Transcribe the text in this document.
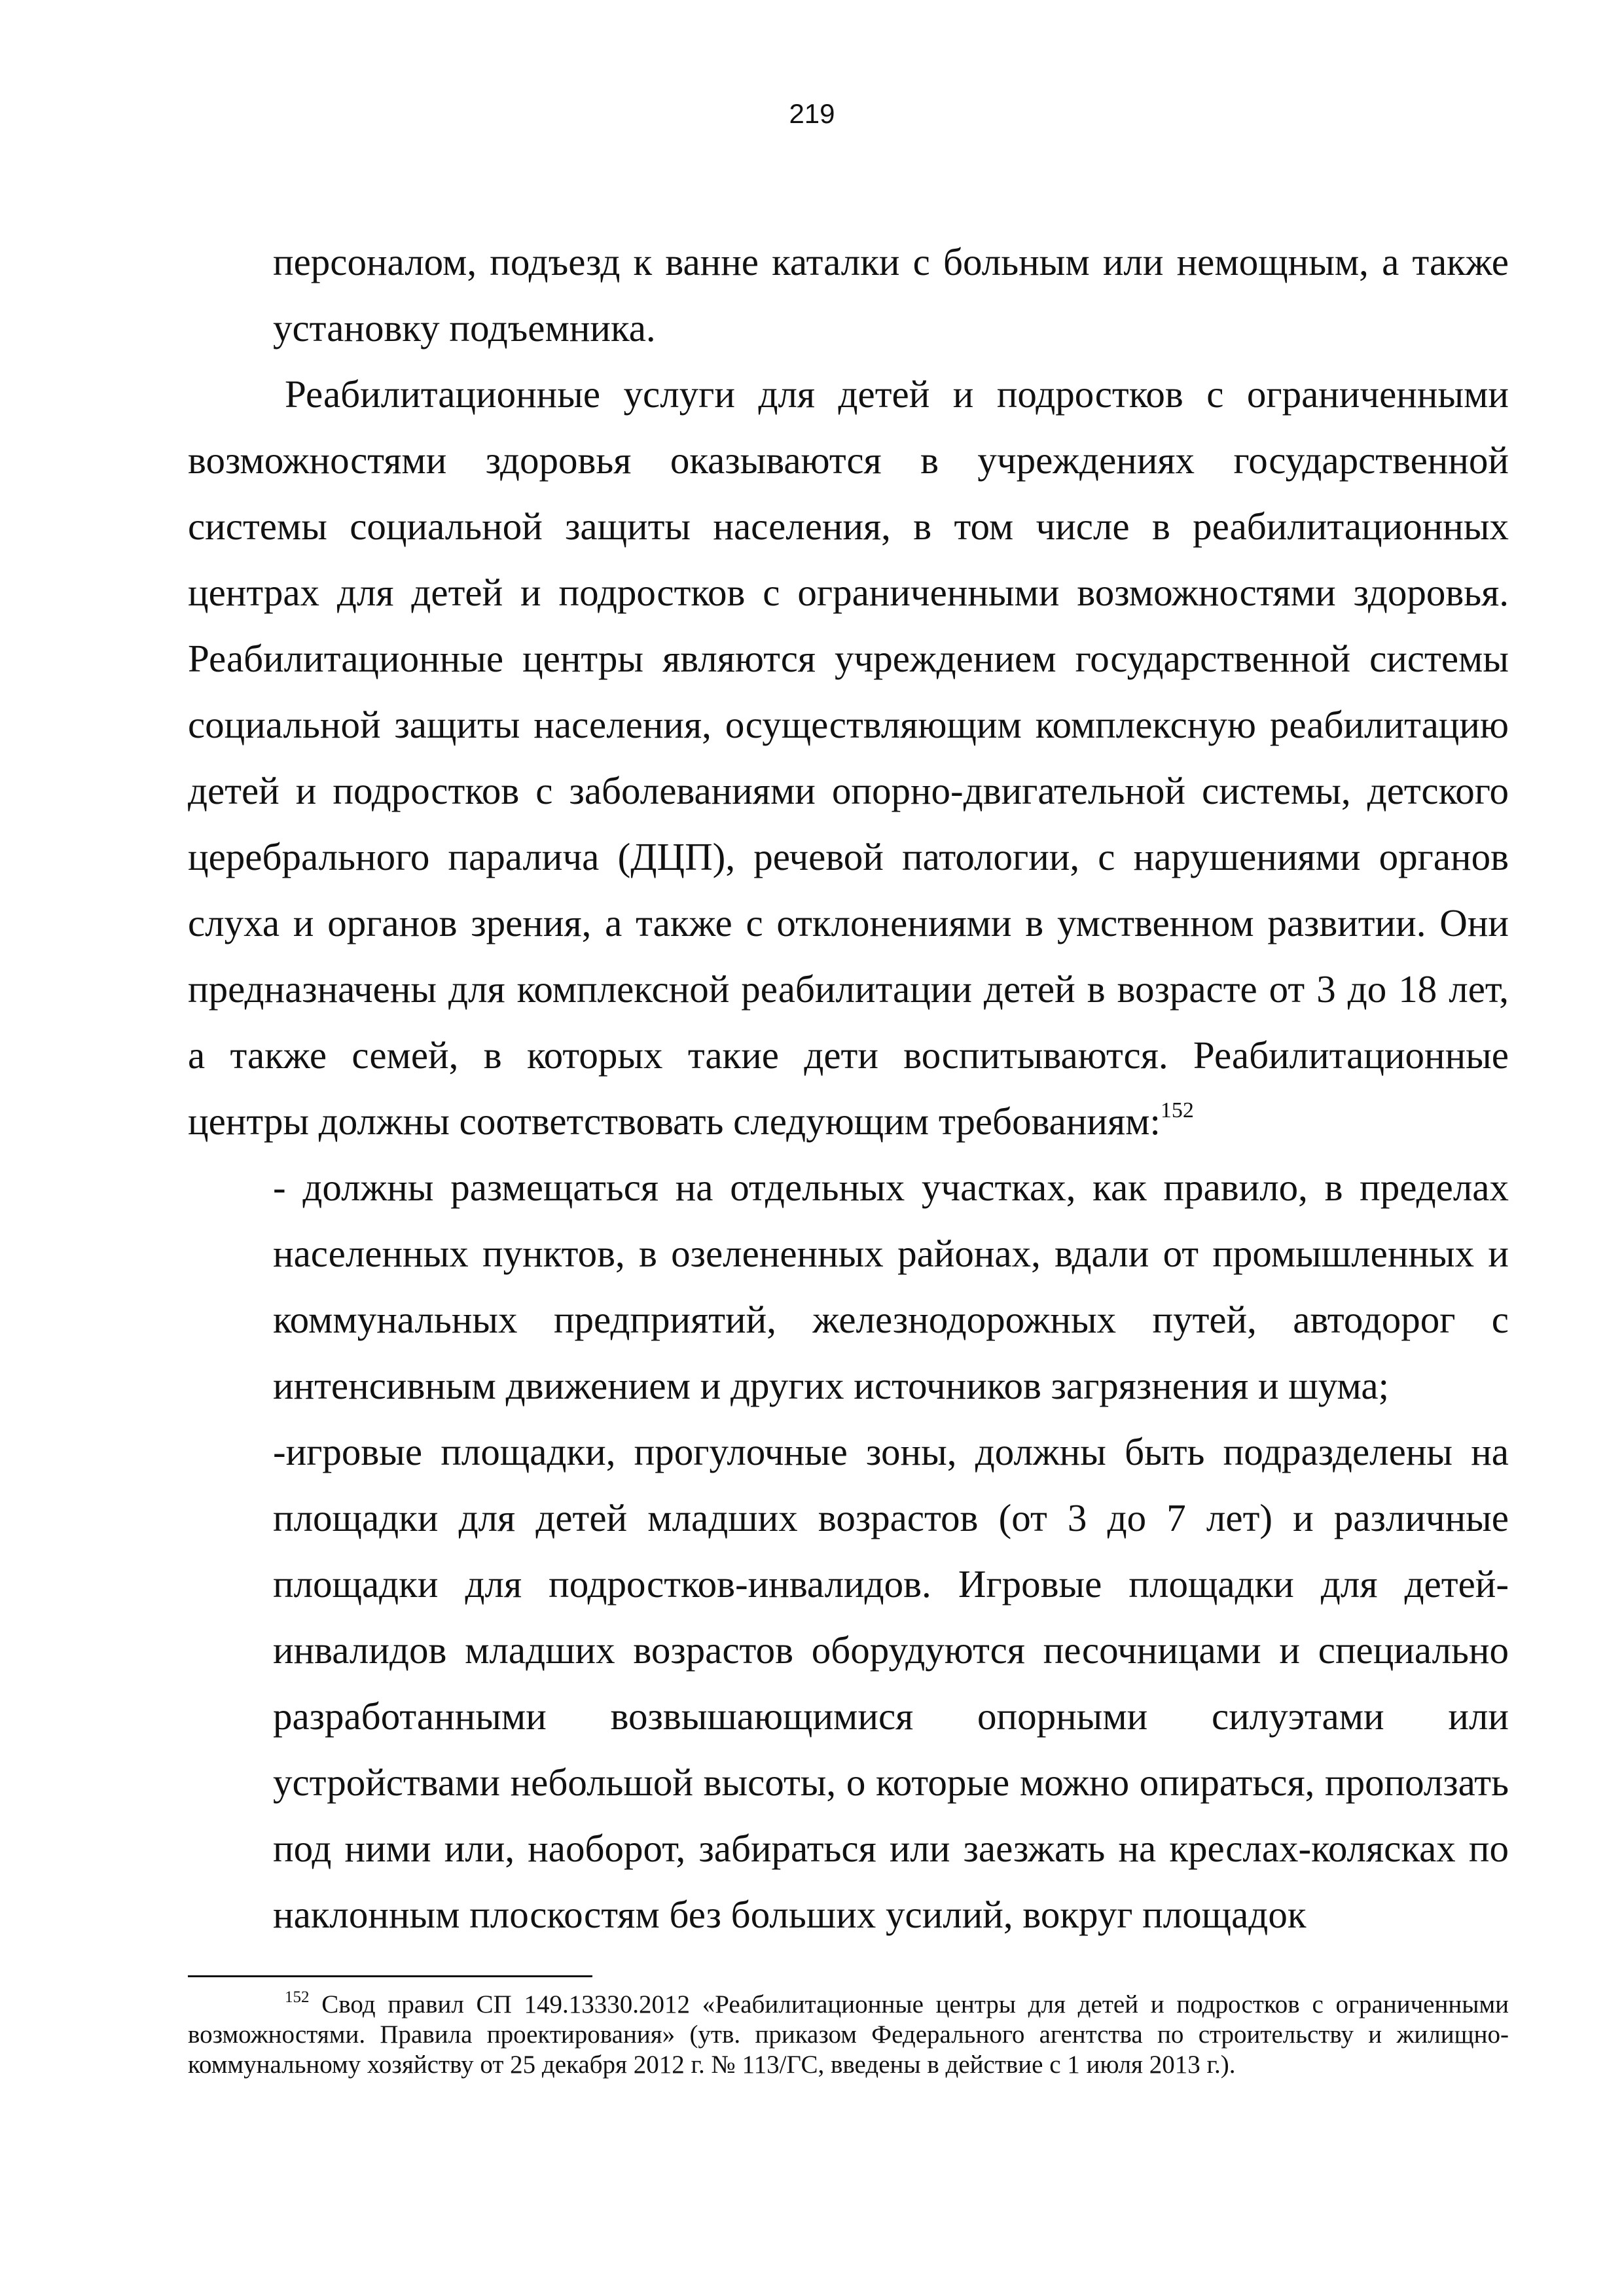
219

персоналом, подъезд к ванне каталки с больным или немощным, а также установку подъемника.

Реабилитационные услуги для детей и подростков с ограниченными возможностями здоровья оказываются в учреждениях государственной системы социальной защиты населения, в том числе в реабилитационных центрах для детей и подростков с ограниченными возможностями здоровья. Реабилитационные центры являются учреждением государственной системы социальной защиты населения, осуществляющим комплексную реабилитацию детей и подростков с заболеваниями опорно-двигательной системы, детского церебрального паралича (ДЦП), речевой патологии, с нарушениями органов слуха и органов зрения, а также с отклонениями в умственном развитии. Они предназначены для комплексной реабилитации детей в возрасте от 3 до 18 лет, а также семей, в которых такие дети воспитываются. Реабилитационные центры должны соответствовать следующим требованиям:$^{152}$

- должны размещаться на отдельных участках, как правило, в пределах населенных пунктов, в озелененных районах, вдали от промышленных и коммунальных предприятий, железнодорожных путей, автодорог с интенсивным движением и других источников загрязнения и шума;

-игровые площадки, прогулочные зоны, должны быть подразделены на площадки для детей младших возрастов (от 3 до 7 лет) и различные площадки для подростков-инвалидов. Игровые площадки для детей-инвалидов младших возрастов оборудуются песочницами и специально разработанными возвышающимися опорными силуэтами или устройствами небольшой высоты, о которые можно опираться, проползать под ними или, наоборот, забираться или заезжать на креслах-колясках по наклонным плоскостям без больших усилий, вокруг площадок

$^{152}$ Свод правил СП 149.13330.2012 «Реабилитационные центры для детей и подростков с ограниченными возможностями. Правила проектирования» (утв. приказом Федерального агентства по строительству и жилищно-коммунальному хозяйству от 25 декабря 2012 г. № 113/ГС, введены в действие с 1 июля 2013 г.).
